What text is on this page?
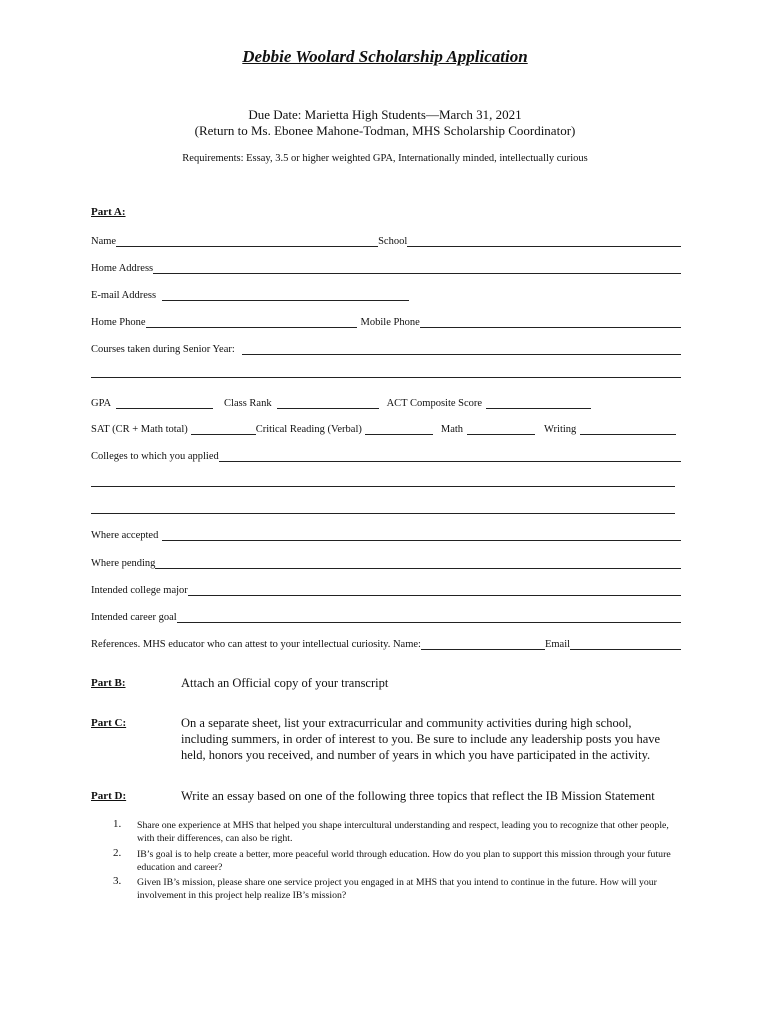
Debbie Woolard Scholarship Application
Due Date: Marietta High Students—March 31, 2021
(Return to Ms. Ebonee Mahone-Todman, MHS Scholarship Coordinator)
Requirements: Essay, 3.5 or higher weighted GPA, Internationally minded, intellectually curious
Part A:
Name	School
Home Address
E-mail Address
Home Phone	Mobile Phone
Courses taken during Senior Year:
GPA	Class Rank	ACT Composite Score
SAT (CR + Math total)	Critical Reading (Verbal)	Math	Writing
Colleges to which you applied
Where accepted
Where pending
Intended college major
Intended career goal
References. MHS educator who can attest to your intellectual curiosity. Name:	Email
Part B:	Attach an Official copy of your transcript
Part C:	On a separate sheet, list your extracurricular and community activities during high school, including summers, in order of interest to you. Be sure to include any leadership posts you have held, honors you received, and number of years in which you have participated in the activity.
Part D:	Write an essay based on one of the following three topics that reflect the IB Mission Statement
1. Share one experience at MHS that helped you shape intercultural understanding and respect, leading you to recognize that other people, with their differences, can also be right.
2. IB’s goal is to help create a better, more peaceful world through education. How do you plan to support this mission through your future education and career?
3. Given IB’s mission, please share one service project you engaged in at MHS that you intend to continue in the future. How will your involvement in this project help realize IB’s mission?
